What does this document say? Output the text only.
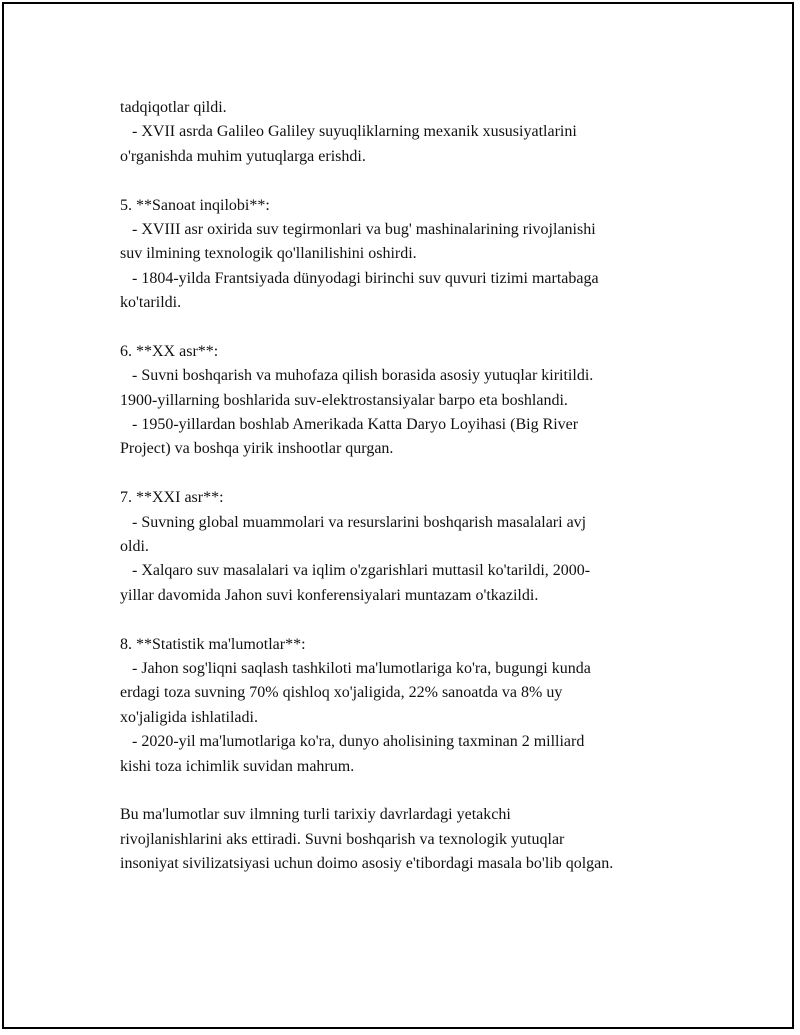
tadqiqotlar qildi.
- XVII asrda Galileo Galiley suyuqliklarning mexanik xususiyatlarini
o'rganishda muhim yutuqlarga erishdi.
5. **Sanoat inqilobi**:
- XVIII asr oxirida suv tegirmonlari va bug' mashinalarining rivojlanishi
suv ilmining texnologik qo'llanilishini oshirdi.
- 1804-yilda Frantsiyada dünyodagi birinchi suv quvuri tizimi martabaga
ko'tarildi.
6. **XX asr**:
- Suvni boshqarish va muhofaza qilish borasida asosiy yutuqlar kiritildi.
1900-yillarning boshlarida suv-elektrostansiyalar barpo eta boshlandi.
- 1950-yillardan boshlab Amerikada Katta Daryo Loyihasi (Big River
Project) va boshqa yirik inshootlar qurgan.
7. **XXI asr**:
- Suvning global muammolari va resurslarini boshqarish masalalari avj
oldi.
- Xalqaro suv masalalari va iqlim o'zgarishlari muttasil ko'tarildi, 2000-
yillar davomida Jahon suvi konferensiyalari muntazam o'tkazildi.
8. **Statistik ma'lumotlar**:
- Jahon sog'liqni saqlash tashkiloti ma'lumotlariga ko'ra, bugungi kunda
erdagi toza suvning 70% qishloq xo'jaligida, 22% sanoatda va 8% uy
xo'jaligida ishlatiladi.
- 2020-yil ma'lumotlariga ko'ra, dunyo aholisining taxminan 2 milliard
kishi toza ichimlik suvidan mahrum.
Bu ma'lumotlar suv ilmning turli tarixiy davrlardagi yetakchi
rivojlanishlarini aks ettiradi. Suvni boshqarish va texnologik yutuqlar
insoniyat sivilizatsiyasi uchun doimo asosiy e'tibordagi masala bo'lib qolgan.
